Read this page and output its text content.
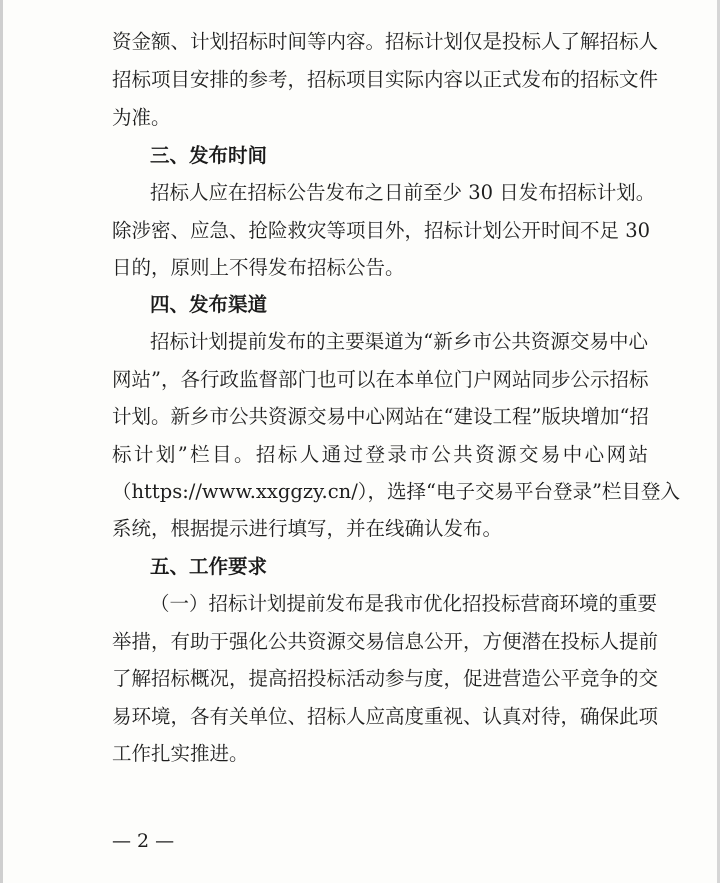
资金额、计划招标时间等内容。招标计划仅是投标人了解招标人
招标项目安排的参考，招标项目实际内容以正式发布的招标文件
为准。
三、发布时间
招标人应在招标公告发布之日前至少 30 日发布招标计划。
除涉密、应急、抢险救灾等项目外，招标计划公开时间不足 30
日的，原则上不得发布招标公告。
四、发布渠道
招标计划提前发布的主要渠道为“新乡市公共资源交易中心
网站”，各行政监督部门也可以在本单位门户网站同步公示招标
计划。新乡市公共资源交易中心网站在“建设工程”版块增加“招
标计划”栏目。招标人通过登录市公共资源交易中心网站
（https://www.xxggzy.cn/），选择“电子交易平台登录”栏目登入
系统，根据提示进行填写，并在线确认发布。
五、工作要求
（一）招标计划提前发布是我市优化招投标营商环境的重要
举措，有助于强化公共资源交易信息公开，方便潜在投标人提前
了解招标概况，提高招投标活动参与度，促进营造公平竞争的交
易环境，各有关单位、招标人应高度重视、认真对待，确保此项
工作扎实推进。
— 2 —
